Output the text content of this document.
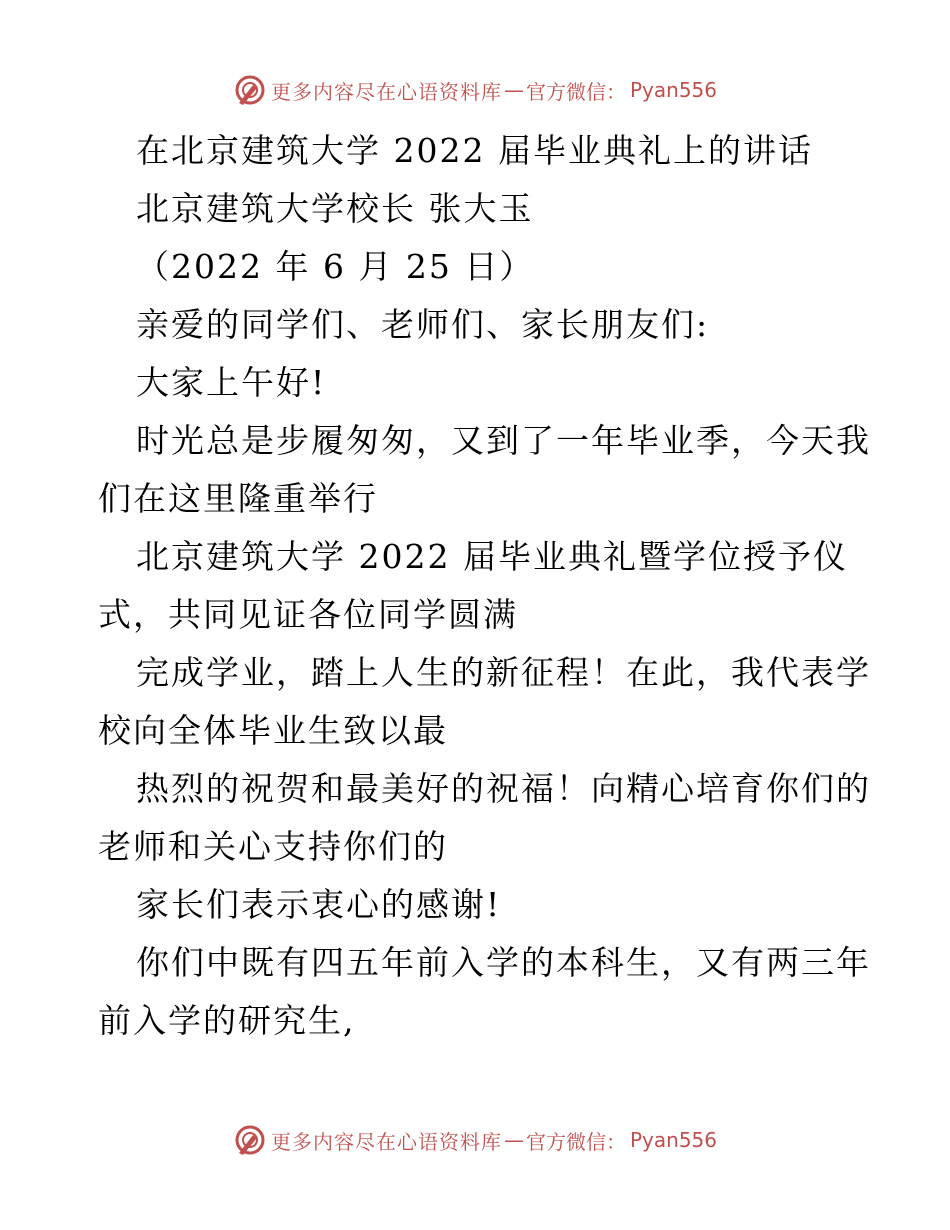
更多内容尽在心语资料库 — 官方微信： Pyan556
在北京建筑大学 2022 届毕业典礼上的讲话
北京建筑大学校长 张大玉
（2022 年 6 月 25 日）
亲爱的同学们、老师们、家长朋友们:
大家上午好!
时光总是步履匆匆，又到了一年毕业季，今天我
们在这里隆重举行
北京建筑大学 2022 届毕业典礼暨学位授予仪
式，共同见证各位同学圆满
完成学业，踏上人生的新征程！在此，我代表学
校向全体毕业生致以最
热烈的祝贺和最美好的祝福！向精心培育你们的
老师和关心支持你们的
家长们表示衷心的感谢!
你们中既有四五年前入学的本科生，又有两三年
前入学的研究生,
更多内容尽在心语资料库 — 官方微信： Pyan556
